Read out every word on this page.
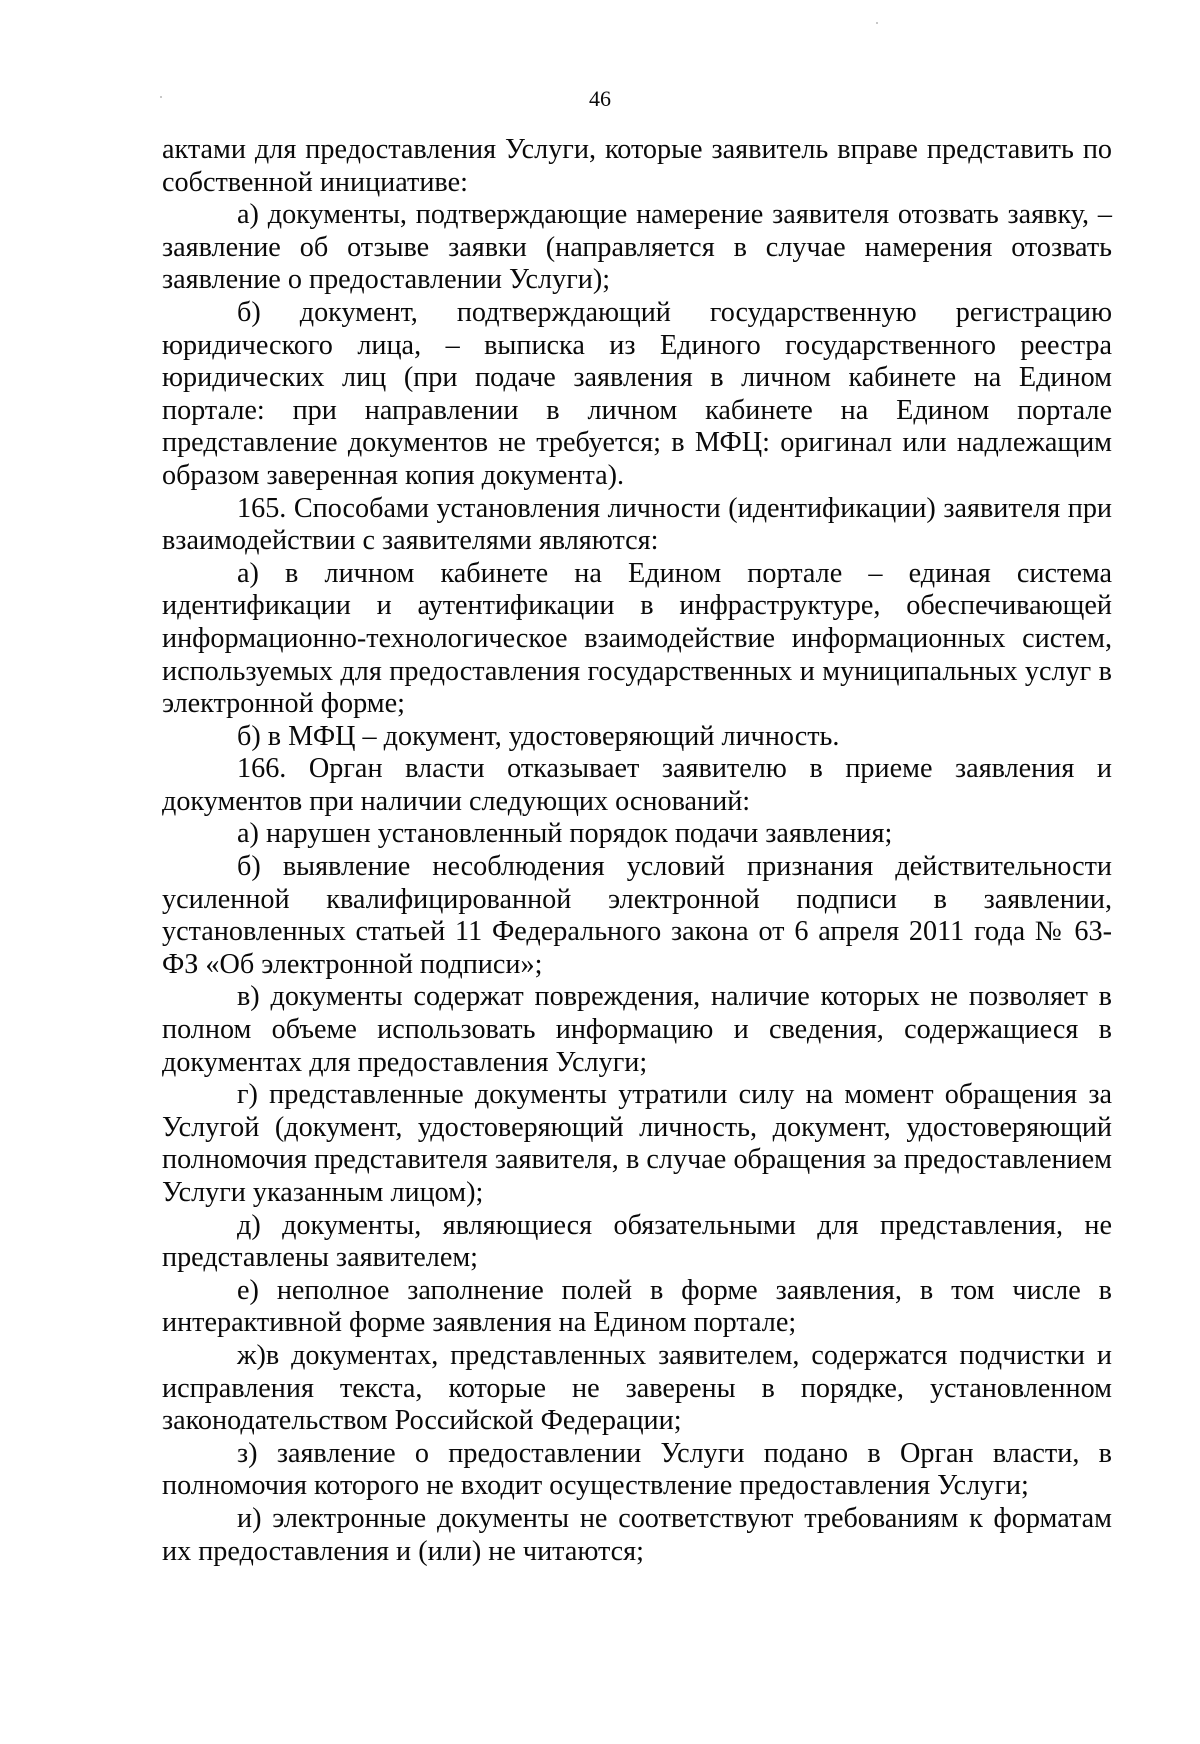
46

актами для предоставления Услуги, которые заявитель вправе представить по собственной инициативе:

а) документы, подтверждающие намерение заявителя отозвать заявку, – заявление об отзыве заявки (направляется в случае намерения отозвать заявление о предоставлении Услуги);

б) документ, подтверждающий государственную регистрацию юридического лица, – выписка из Единого государственного реестра юридических лиц (при подаче заявления в личном кабинете на Едином портале: при направлении в личном кабинете на Едином портале представление документов не требуется; в МФЦ: оригинал или надлежащим образом заверенная копия документа).

165. Способами установления личности (идентификации) заявителя при взаимодействии с заявителями являются:

а) в личном кабинете на Едином портале – единая система идентификации и аутентификации в инфраструктуре, обеспечивающей информационно-технологическое взаимодействие информационных систем, используемых для предоставления государственных и муниципальных услуг в электронной форме;

б) в МФЦ – документ, удостоверяющий личность.

166. Орган власти отказывает заявителю в приеме заявления и документов при наличии следующих оснований:

а) нарушен установленный порядок подачи заявления;

б) выявление несоблюдения условий признания действительности усиленной квалифицированной электронной подписи в заявлении, установленных статьей 11 Федерального закона от 6 апреля 2011 года № 63-ФЗ «Об электронной подписи»;

в) документы содержат повреждения, наличие которых не позволяет в полном объеме использовать информацию и сведения, содержащиеся в документах для предоставления Услуги;

г) представленные документы утратили силу на момент обращения за Услугой (документ, удостоверяющий личность, документ, удостоверяющий полномочия представителя заявителя, в случае обращения за предоставлением Услуги указанным лицом);

д) документы, являющиеся обязательными для представления, не представлены заявителем;

е) неполное заполнение полей в форме заявления, в том числе в интерактивной форме заявления на Едином портале;

ж)в документах, представленных заявителем, содержатся подчистки и исправления текста, которые не заверены в порядке, установленном законодательством Российской Федерации;

з) заявление о предоставлении Услуги подано в Орган власти, в полномочия которого не входит осуществление предоставления Услуги;

и) электронные документы не соответствуют требованиям к форматам их предоставления и (или) не читаются;
